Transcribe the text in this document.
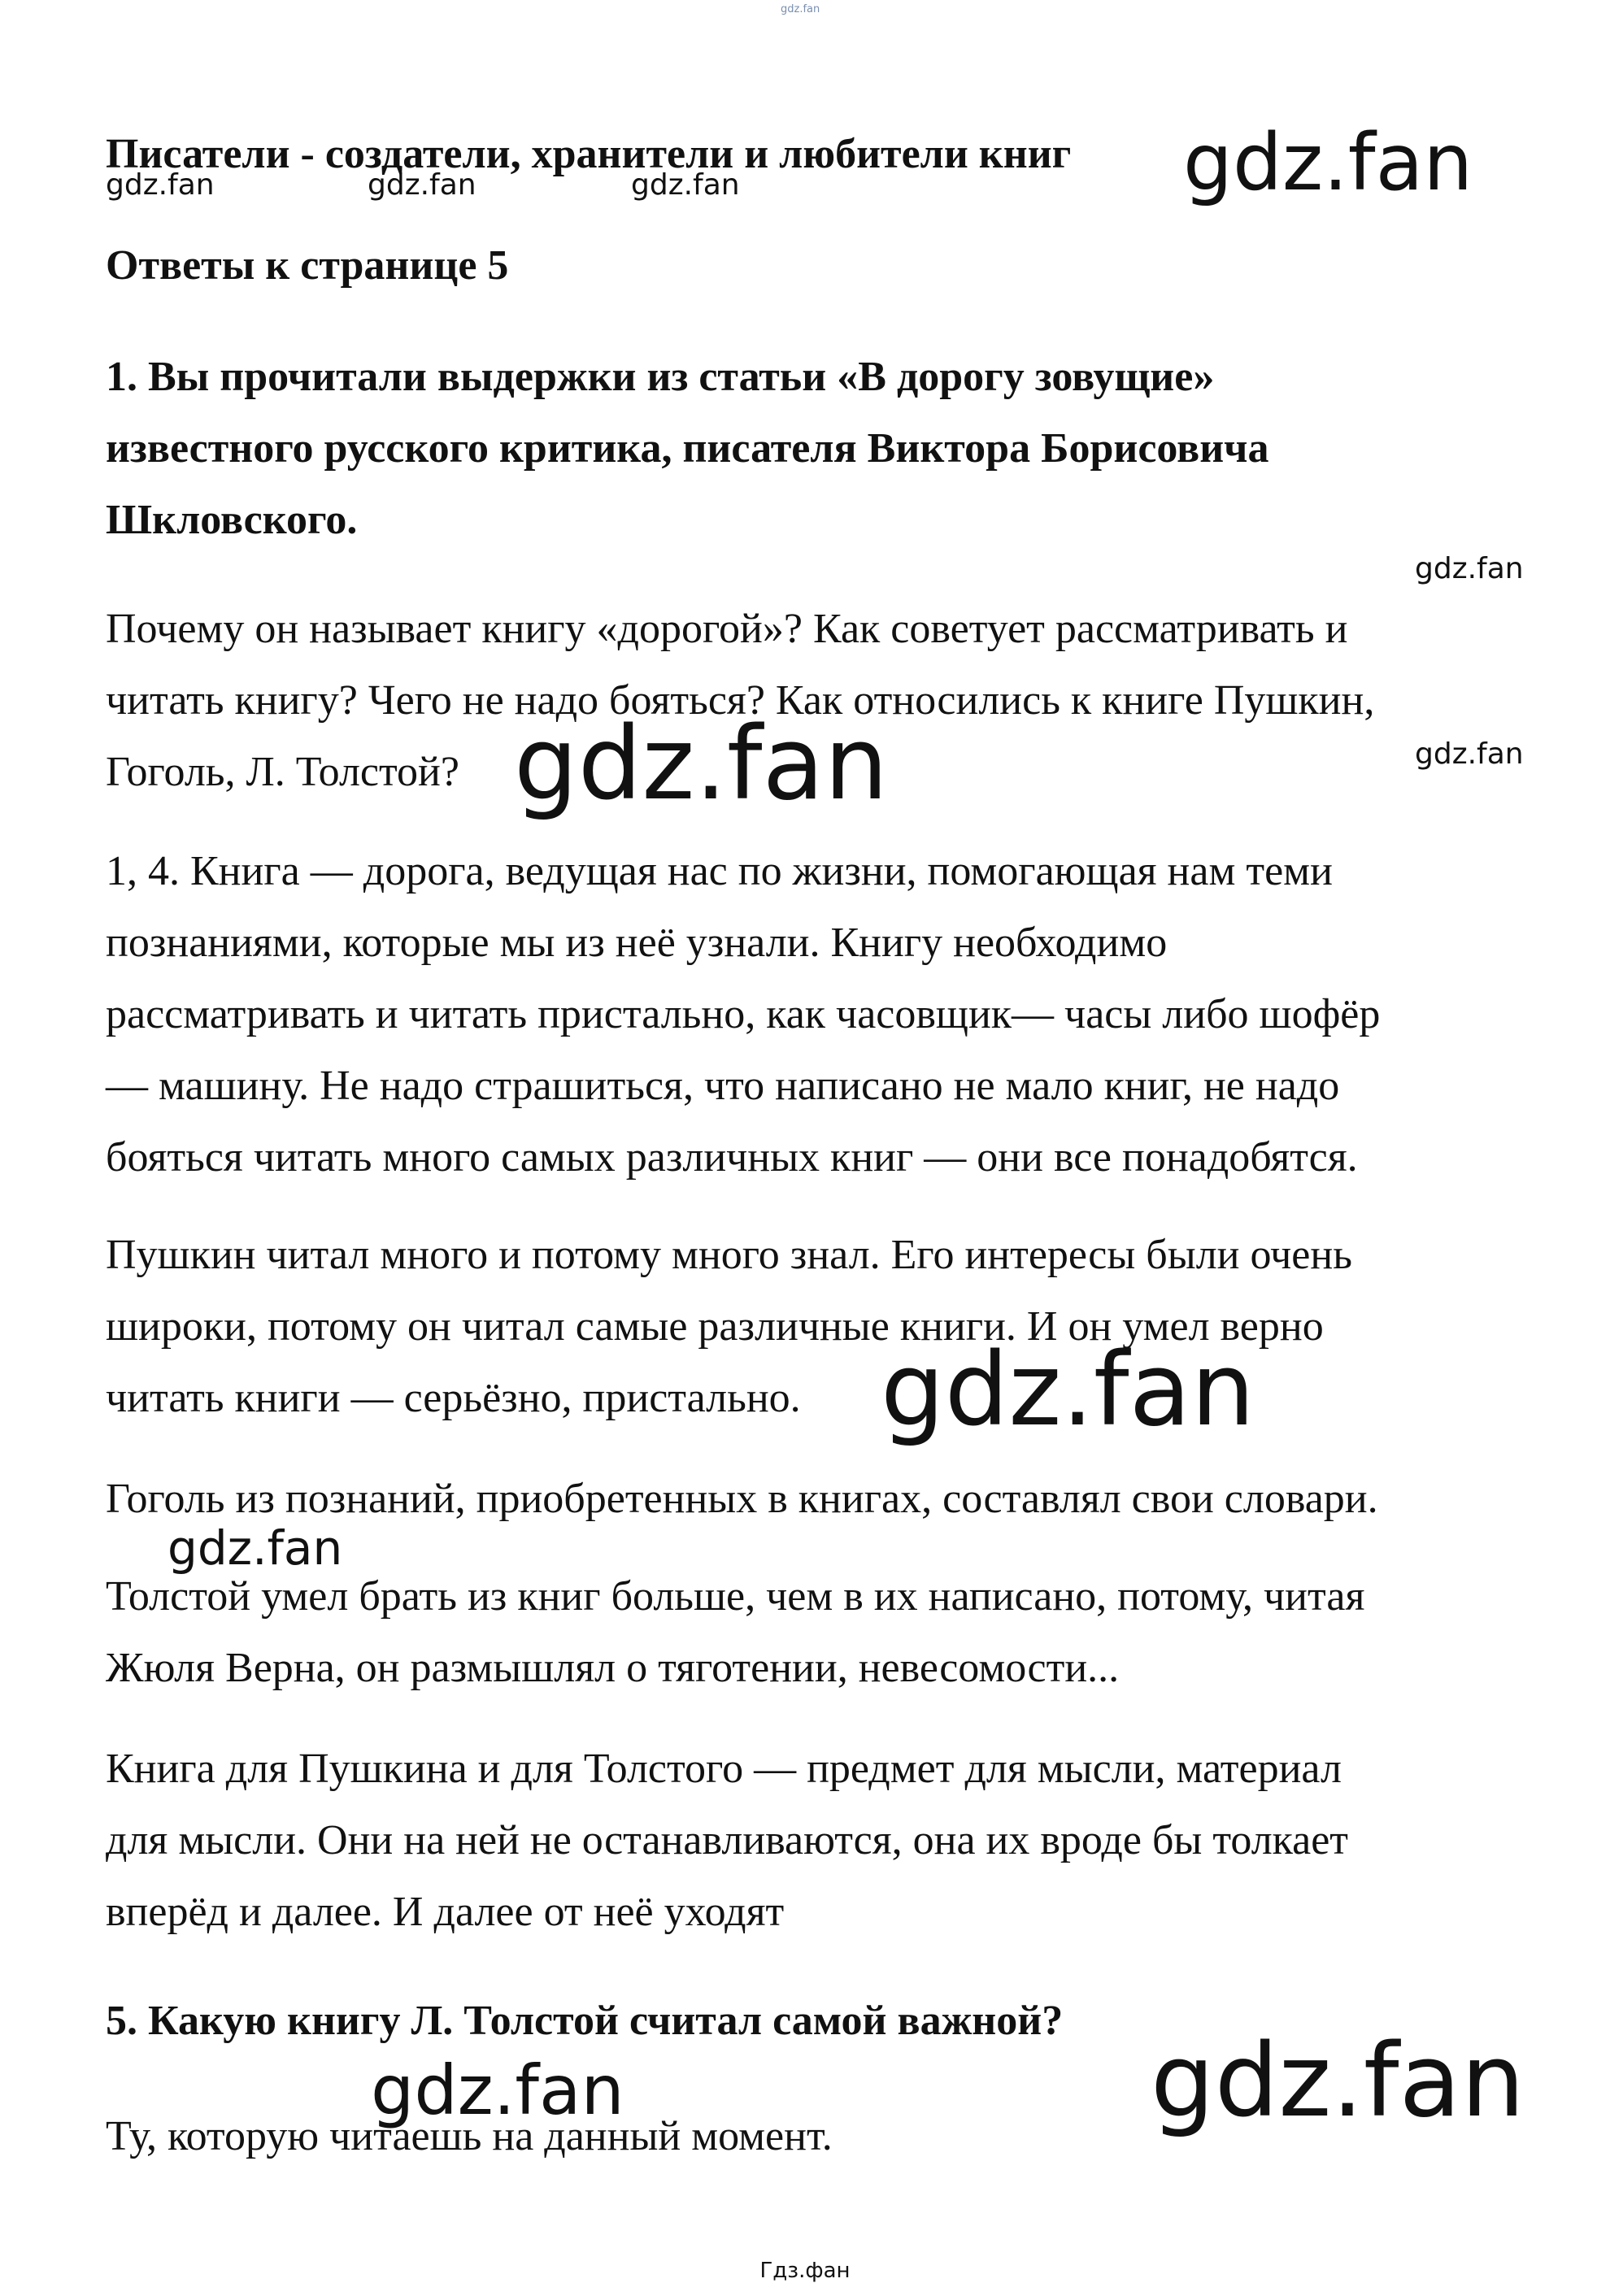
gdz.fan

Писатели - создатели, хранители и любители книг

Ответы к странице 5

1. Вы прочитали выдержки из статьи «В дорогу зовущие»
известного русского критика, писателя Виктора Борисовича
Шкловского.
Почему он называет книгу «дорогой»? Как советует рассматривать и
читать книгу? Чего не надо бояться? Как относились к книге Пушкин,
Гоголь, Л. Толстой?
1, 4. Книга — дорога, ведущая нас по жизни, помогающая нам теми
познаниями, которые мы из неё узнали. Книгу необходимо
рассматривать и читать пристально, как часовщик— часы либо шофёр
— машину. Не надо страшиться, что написано не мало книг, не надо
бояться читать много самых различных книг — они все понадобятся.
Пушкин читал много и потому много знал. Его интересы были очень
широки, потому он читал самые различные книги. И он умел верно
читать книги — серьёзно, пристально.
Гоголь из познаний, приобретенных в книгах, составлял свои словари.
Толстой умел брать из книг больше, чем в их написано, потому, читая
Жюля Верна, он размышлял о тяготении, невесомости...
Книга для Пушкина и для Толстого — предмет для мысли, материал
для мысли. Они на ней не останавливаются, она их вроде бы толкает
вперёд и далее. И далее от неё уходят
5. Какую книгу Л. Толстой считал самой важной?
Ту, которую читаешь на данный момент.
gdz.fan	gdz.fan	gdz.fan	gdz.fan
gdz.fan
gdz.fan
gdz.fan
gdz.fan
gdz.fan
gdz.fan	gdz.fan
Гдз.фан
